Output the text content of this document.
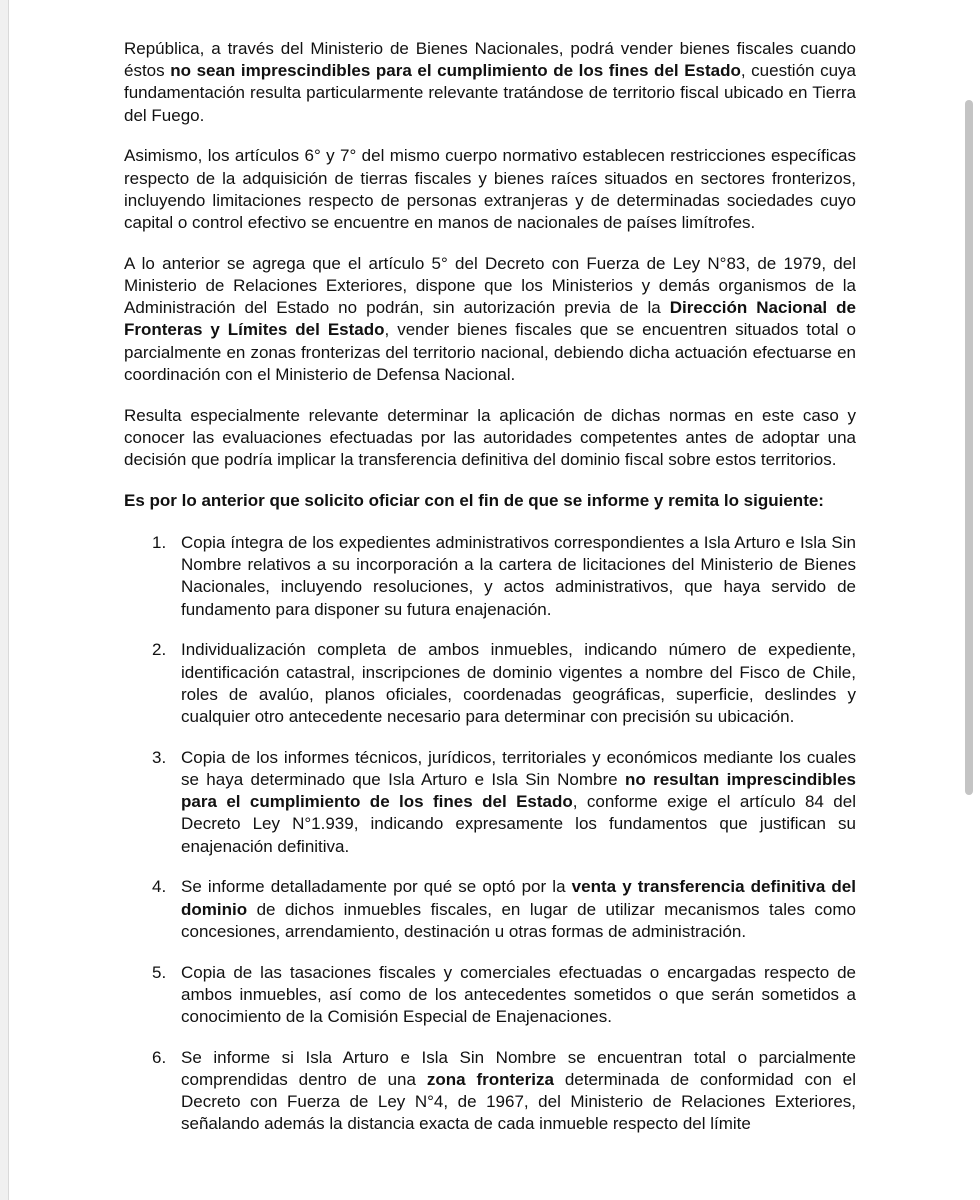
República, a través del Ministerio de Bienes Nacionales, podrá vender bienes fiscales cuando éstos no sean imprescindibles para el cumplimiento de los fines del Estado, cuestión cuya fundamentación resulta particularmente relevante tratándose de territorio fiscal ubicado en Tierra del Fuego.

Asimismo, los artículos 6° y 7° del mismo cuerpo normativo establecen restricciones específicas respecto de la adquisición de tierras fiscales y bienes raíces situados en sectores fronterizos, incluyendo limitaciones respecto de personas extranjeras y de determinadas sociedades cuyo capital o control efectivo se encuentre en manos de nacionales de países limítrofes.

A lo anterior se agrega que el artículo 5° del Decreto con Fuerza de Ley N°83, de 1979, del Ministerio de Relaciones Exteriores, dispone que los Ministerios y demás organismos de la Administración del Estado no podrán, sin autorización previa de la Dirección Nacional de Fronteras y Límites del Estado, vender bienes fiscales que se encuentren situados total o parcialmente en zonas fronterizas del territorio nacional, debiendo dicha actuación efectuarse en coordinación con el Ministerio de Defensa Nacional.

Resulta especialmente relevante determinar la aplicación de dichas normas en este caso y conocer las evaluaciones efectuadas por las autoridades competentes antes de adoptar una decisión que podría implicar la transferencia definitiva del dominio fiscal sobre estos territorios.

Es por lo anterior que solicito oficiar con el fin de que se informe y remita lo siguiente:

1. Copia íntegra de los expedientes administrativos correspondientes a Isla Arturo e Isla Sin Nombre relativos a su incorporación a la cartera de licitaciones del Ministerio de Bienes Nacionales, incluyendo resoluciones, y actos administrativos, que haya servido de fundamento para disponer su futura enajenación.
2. Individualización completa de ambos inmuebles, indicando número de expediente, identificación catastral, inscripciones de dominio vigentes a nombre del Fisco de Chile, roles de avalúo, planos oficiales, coordenadas geográficas, superficie, deslindes y cualquier otro antecedente necesario para determinar con precisión su ubicación.
3. Copia de los informes técnicos, jurídicos, territoriales y económicos mediante los cuales se haya determinado que Isla Arturo e Isla Sin Nombre no resultan imprescindibles para el cumplimiento de los fines del Estado, conforme exige el artículo 84 del Decreto Ley N°1.939, indicando expresamente los fundamentos que justifican su enajenación definitiva.
4. Se informe detalladamente por qué se optó por la venta y transferencia definitiva del dominio de dichos inmuebles fiscales, en lugar de utilizar mecanismos tales como concesiones, arrendamiento, destinación u otras formas de administración.
5. Copia de las tasaciones fiscales y comerciales efectuadas o encargadas respecto de ambos inmuebles, así como de los antecedentes sometidos o que serán sometidos a conocimiento de la Comisión Especial de Enajenaciones.
6. Se informe si Isla Arturo e Isla Sin Nombre se encuentran total o parcialmente comprendidas dentro de una zona fronteriza determinada de conformidad con el Decreto con Fuerza de Ley N°4, de 1967, del Ministerio de Relaciones Exteriores, señalando además la distancia exacta de cada inmueble respecto del límite
